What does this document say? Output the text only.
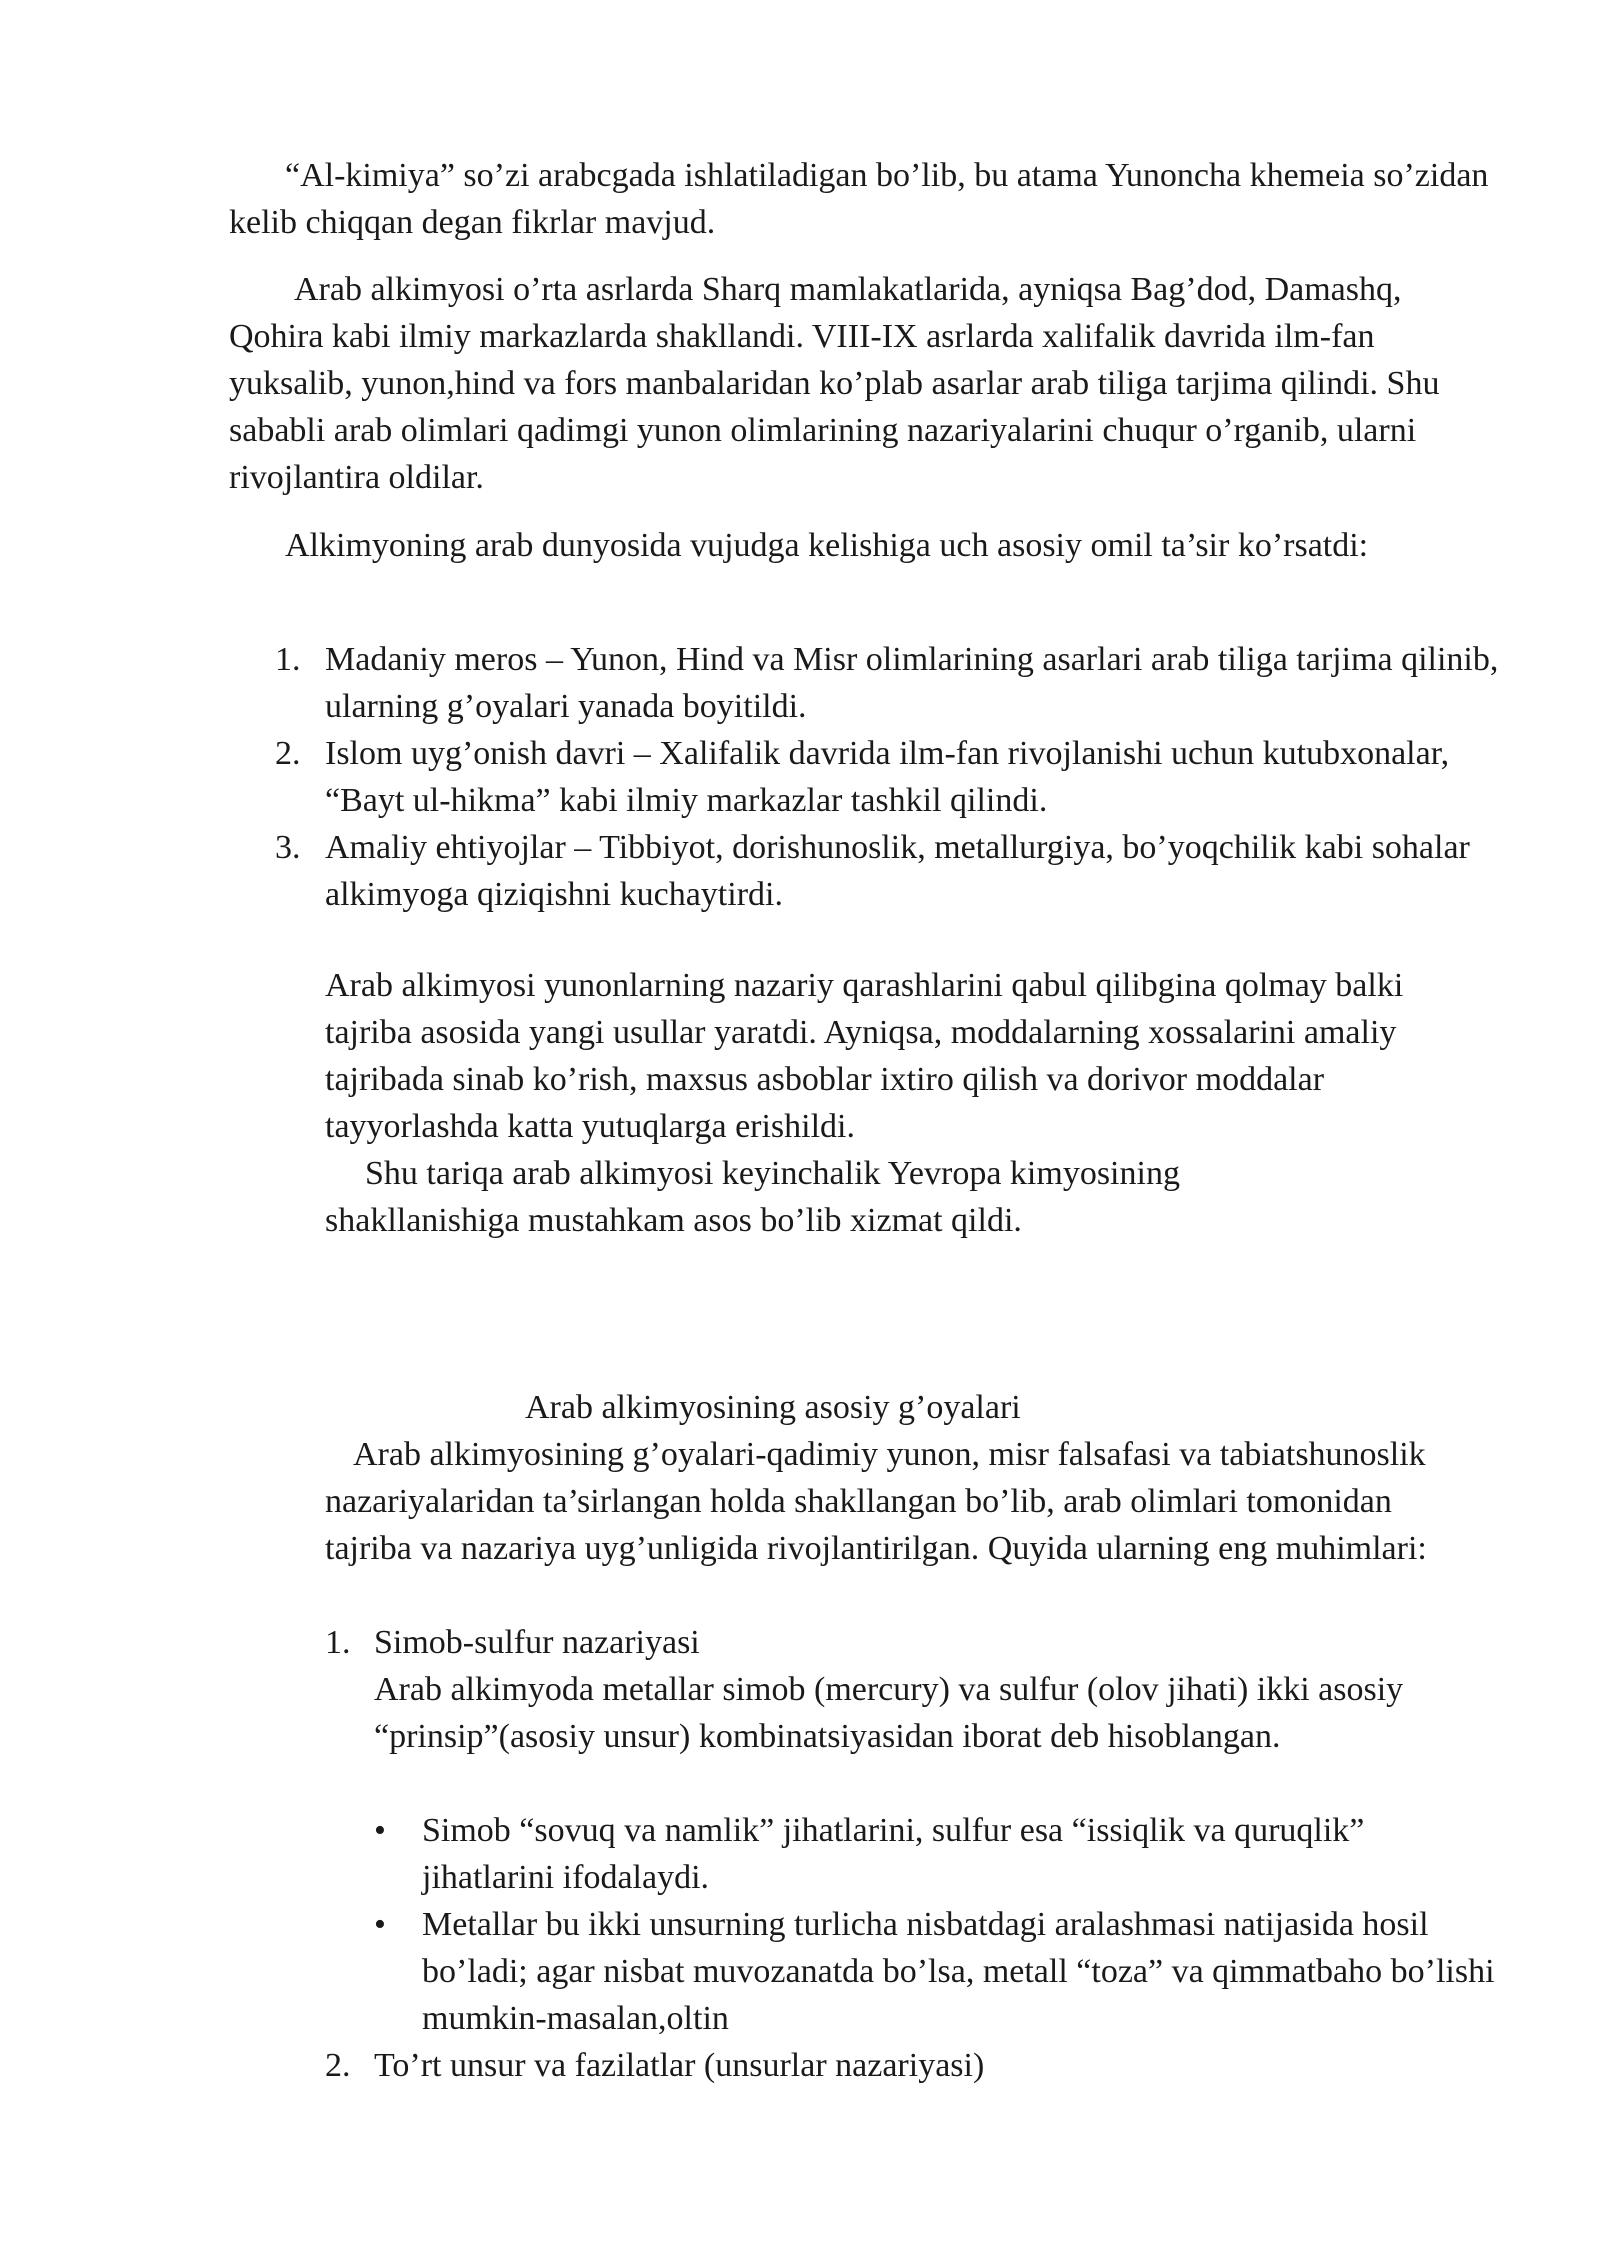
“Al-kimiya” so’zi arabcgada ishlatiladigan bo’lib, bu atama Yunoncha khemeia so’zidan kelib chiqqan degan fikrlar mavjud.

Arab alkimyosi o’rta asrlarda Sharq mamlakatlarida, ayniqsa Bag’dod, Damashq, Qohira kabi ilmiy markazlarda shakllandi. VIII-IX asrlarda xalifalik davrida ilm-fan yuksalib, yunon,hind va fors manbalaridan ko’plab asarlar arab tiliga tarjima qilindi. Shu sababli arab olimlari qadimgi yunon olimlarining nazariyalarini chuqur o’rganib, ularni rivojlantira oldilar.

Alkimyoning arab dunyosida vujudga kelishiga uch asosiy omil ta’sir ko’rsatdi:

1. Madaniy meros – Yunon, Hind va Misr olimlarining asarlari arab tiliga tarjima qilinib, ularning g’oyalari yanada boyitildi.
2. Islom uyg’onish davri – Xalifalik davrida ilm-fan rivojlanishi uchun kutubxonalar, “Bayt ul-hikma” kabi ilmiy markazlar tashkil qilindi.
3. Amaliy ehtiyojlar – Tibbiyot, dorishunoslik, metallurgiya, bo’yoqchilik kabi sohalar alkimyoga qiziqishni kuchaytirdi.

Arab alkimyosi yunonlarning nazariy qarashlarini qabul qilibgina qolmay balki tajriba asosida yangi usullar yaratdi. Ayniqsa, moddalarning xossalarini amaliy tajribada sinab ko’rish, maxsus asboblar ixtiro qilish va dorivor moddalar tayyorlashda katta yutuqlarga erishildi.

Shu tariqa arab alkimyosi keyinchalik Yevropa kimyosining shakllanishiga mustahkam asos bo’lib xizmat qildi.

Arab alkimyosining asosiy g’oyalari

Arab alkimyosining g’oyalari-qadimiy yunon, misr falsafasi va tabiatshunoslik nazariyalaridan ta’sirlangan holda shakllangan bo’lib, arab olimlari tomonidan tajriba va nazariya uyg’unligida rivojlantirilgan. Quyida ularning eng muhimlari:

1. Simob-sulfur nazariyasi
Arab alkimyoda metallar simob (mercury) va sulfur (olov jihati) ikki asosiy “prinsip”(asosiy unsur) kombinatsiyasidan iborat deb hisoblangan.
• Simob “sovuq va namlik” jihatlarini, sulfur esa “issiqlik va quruqlik” jihatlarini ifodalaydi.
• Metallar bu ikki unsurning turlicha nisbatdagi aralashmasi natijasida hosil bo’ladi; agar nisbat muvozanatda bo’lsa, metall “toza” va qimmatbaho bo’lishi mumkin-masalan,oltin
2. To’rt unsur va fazilatlar (unsurlar nazariyasi)
